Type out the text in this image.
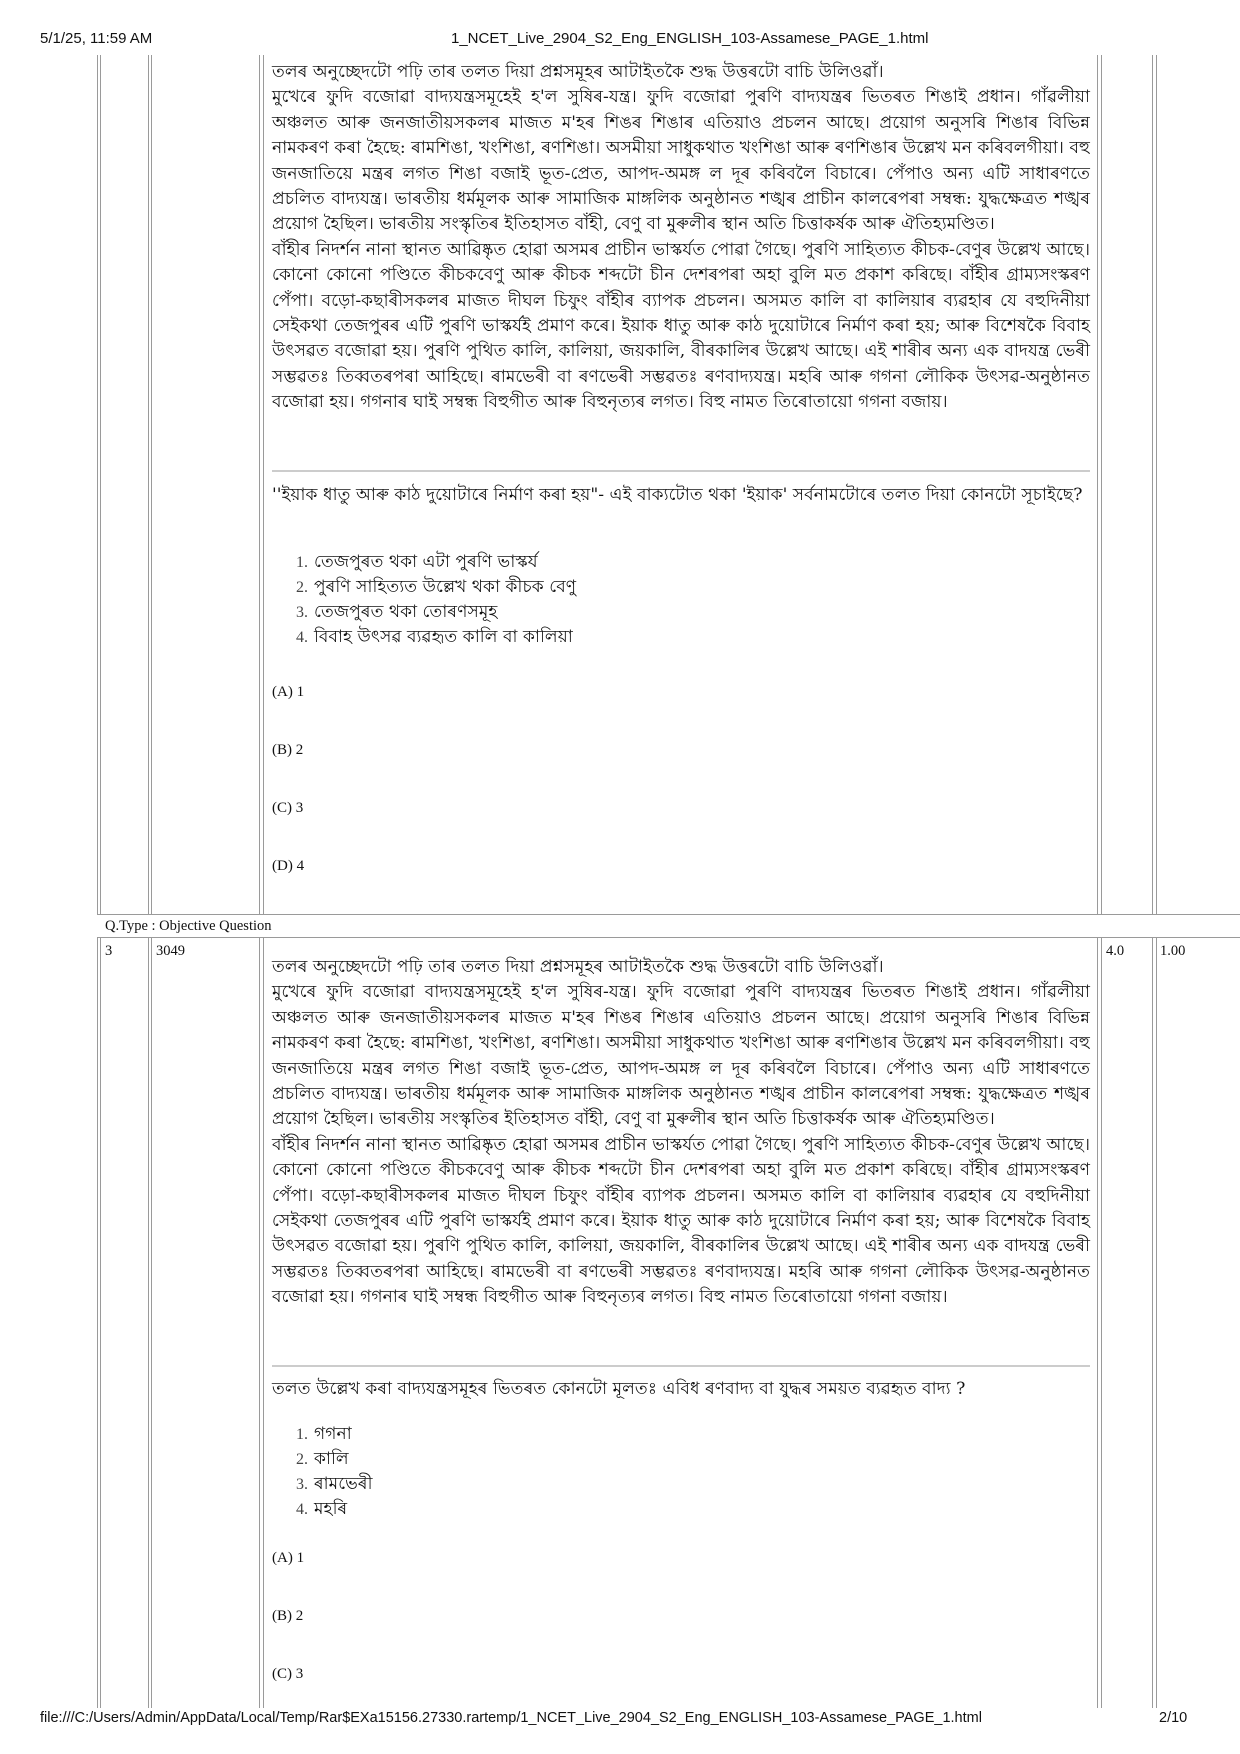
5/1/25, 11:59 AM	1_NCET_Live_2904_S2_Eng_ENGLISH_103-Assamese_PAGE_1.html
file:///C:/Users/Admin/AppData/Local/Temp/Rar$EXa15156.27330.rartemp/1_NCET_Live_2904_S2_Eng_ENGLISH_103-Assamese_PAGE_1.html	2/10
Q.Type : Objective Question

তলৰ অনুচ্ছেদটো পঢ়ি তাৰ তলত দিয়া প্ৰশ্নসমূহৰ আটাইতকৈ শুদ্ধ উত্তৰটো বাচি উলিওৱাঁ।

মুখেৰে ফুদি বজোৱা বাদ্যযন্ত্ৰসমূহেই হ'ল সুষিৰ-যন্ত্ৰ। ফুদি বজোৱা পুৰণি বাদ্যযন্ত্ৰৰ ভিতৰত শিঙাই প্ৰধান। গাঁৱলীয়া অঞ্চলত আৰু জনজাতীয়সকলৰ মাজত ম'হৰ শিঙৰ শিঙাৰ এতিয়াও প্ৰচলন আছে। প্ৰয়োগ অনুসৰি শিঙাৰ বিভিন্ন নামকৰণ কৰা হৈছে: ৰামশিঙা, খংশিঙা, ৰণশিঙা। অসমীয়া সাধুকথাত খংশিঙা আৰু ৰণশিঙাৰ উল্লেখ মন কৰিবলগীয়া। বহু জনজাতিয়ে মন্ত্ৰৰ লগত শিঙা বজাই ভূত-প্ৰেত, আপদ-অমঙ্গ ল দূৰ কৰিবলৈ বিচাৰে। পেঁপাও অন্য এটি সাধাৰণতে প্ৰচলিত বাদ্যযন্ত্ৰ। ভাৰতীয় ধৰ্মমূলক আৰু সামাজিক মাঙ্গলিক অনুষ্ঠানত শঙ্খৰ প্ৰাচীন কালৰেপৰা সম্বন্ধ: যুদ্ধক্ষেত্ৰত শঙ্খৰ প্ৰয়োগ হৈছিল। ভাৰতীয় সংস্কৃতিৰ ইতিহাসত বাঁহী, বেণু বা মুৰুলীৰ স্থান অতি চিত্তাকৰ্ষক আৰু ঐতিহ্যমণ্ডিত।

বাঁহীৰ নিদৰ্শন নানা স্থানত আৱিষ্কৃত হোৱা অসমৰ প্ৰাচীন ভাস্কৰ্যত পোৱা গৈছে। পুৰণি সাহিত্যত কীচক-বেণুৰ উল্লেখ আছে। কোনো কোনো পণ্ডিতে কীচকবেণু আৰু কীচক শব্দটো চীন দেশৰপৰা অহা বুলি মত প্ৰকাশ কৰিছে। বাঁহীৰ গ্ৰাম্যসংস্কৰণ পেঁপা। বড়ো-কছাৰীসকলৰ মাজত দীঘল চিফুং বাঁহীৰ ব্যাপক প্ৰচলন। অসমত কালি বা কালিয়াৰ ব্যৱহাৰ যে বহুদিনীয়া সেইকথা তেজপুৰৰ এটি পুৰণি ভাস্কৰ্যই প্ৰমাণ কৰে। ইয়াক ধাতু আৰু কাঠ দুয়োটাৰে নিৰ্মাণ কৰা হয়; আৰু বিশেষকৈ বিবাহ উৎসৱত বজোৱা হয়। পুৰণি পুথিত কালি, কালিয়া, জয়কালি, বীৰকালিৰ উল্লেখ আছে। এই শাৰীৰ অন্য এক বাদযন্ত্ৰ ভেৰী সম্ভৱতঃ তিব্বতৰপৰা আহিছে। ৰামভেৰী বা ৰণভেৰী সম্ভৱতঃ ৰণবাদ্যযন্ত্ৰ। মহৰি আৰু গগনা লৌকিক উৎসৱ-অনুষ্ঠানত বজোৱা হয়। গগনাৰ ঘাই সম্বন্ধ বিহুগীত আৰু বিহুনৃত্যৰ লগত। বিহু নামত তিৰোতায়ো গগনা বজায়।

''ইয়াক ধাতু আৰু কাঠ দুয়োটাৰে নিৰ্মাণ কৰা হয়"- এই বাক্যটোত থকা 'ইয়াক' সৰ্বনামটোৰে তলত দিয়া কোনটো সূচাইছে?
1. তেজপুৰত থকা এটা পুৰণি ভাস্কৰ্য
2. পুৰণি সাহিত্যত উল্লেখ থকা কীচক বেণু
3. তেজপুৰত থকা তোৰণসমূহ
4. বিবাহ উৎসৱ ব্যৱহৃত কালি বা কালিয়া
(A) 1
(B) 2
(C) 3
(D) 4
3	3049	4.0 1.00

তলৰ অনুচ্ছেদটো পঢ়ি তাৰ তলত দিয়া প্ৰশ্নসমূহৰ আটাইতকৈ শুদ্ধ উত্তৰটো বাচি উলিওৱাঁ।

মুখেৰে ফুদি বজোৱা বাদ্যযন্ত্ৰসমূহেই হ'ল সুষিৰ-যন্ত্ৰ। ফুদি বজোৱা পুৰণি বাদ্যযন্ত্ৰৰ ভিতৰত শিঙাই প্ৰধান। গাঁৱলীয়া অঞ্চলত আৰু জনজাতীয়সকলৰ মাজত ম'হৰ শিঙৰ শিঙাৰ এতিয়াও প্ৰচলন আছে। প্ৰয়োগ অনুসৰি শিঙাৰ বিভিন্ন নামকৰণ কৰা হৈছে: ৰামশিঙা, খংশিঙা, ৰণশিঙা। অসমীয়া সাধুকথাত খংশিঙা আৰু ৰণশিঙাৰ উল্লেখ মন কৰিবলগীয়া। বহু জনজাতিয়ে মন্ত্ৰৰ লগত শিঙা বজাই ভূত-প্ৰেত, আপদ-অমঙ্গ ল দূৰ কৰিবলৈ বিচাৰে। পেঁপাও অন্য এটি সাধাৰণতে প্ৰচলিত বাদ্যযন্ত্ৰ। ভাৰতীয় ধৰ্মমূলক আৰু সামাজিক মাঙ্গলিক অনুষ্ঠানত শঙ্খৰ প্ৰাচীন কালৰেপৰা সম্বন্ধ: যুদ্ধক্ষেত্ৰত শঙ্খৰ প্ৰয়োগ হৈছিল। ভাৰতীয় সংস্কৃতিৰ ইতিহাসত বাঁহী, বেণু বা মুৰুলীৰ স্থান অতি চিত্তাকৰ্ষক আৰু ঐতিহ্যমণ্ডিত।

বাঁহীৰ নিদৰ্শন নানা স্থানত আৱিষ্কৃত হোৱা অসমৰ প্ৰাচীন ভাস্কৰ্যত পোৱা গৈছে। পুৰণি সাহিত্যত কীচক-বেণুৰ উল্লেখ আছে। কোনো কোনো পণ্ডিতে কীচকবেণু আৰু কীচক শব্দটো চীন দেশৰপৰা অহা বুলি মত প্ৰকাশ কৰিছে। বাঁহীৰ গ্ৰাম্যসংস্কৰণ পেঁপা। বড়ো-কছাৰীসকলৰ মাজত দীঘল চিফুং বাঁহীৰ ব্যাপক প্ৰচলন। অসমত কালি বা কালিয়াৰ ব্যৱহাৰ যে বহুদিনীয়া সেইকথা তেজপুৰৰ এটি পুৰণি ভাস্কৰ্যই প্ৰমাণ কৰে। ইয়াক ধাতু আৰু কাঠ দুয়োটাৰে নিৰ্মাণ কৰা হয়; আৰু বিশেষকৈ বিবাহ উৎসৱত বজোৱা হয়। পুৰণি পুথিত কালি, কালিয়া, জয়কালি, বীৰকালিৰ উল্লেখ আছে। এই শাৰীৰ অন্য এক বাদযন্ত্ৰ ভেৰী সম্ভৱতঃ তিব্বতৰপৰা আহিছে। ৰামভেৰী বা ৰণভেৰী সম্ভৱতঃ ৰণবাদ্যযন্ত্ৰ। মহৰি আৰু গগনা লৌকিক উৎসৱ-অনুষ্ঠানত বজোৱা হয়। গগনাৰ ঘাই সম্বন্ধ বিহুগীত আৰু বিহুনৃত্যৰ লগত। বিহু নামত তিৰোতায়ো গগনা বজায়।

তলত উল্লেখ কৰা বাদ্যযন্ত্ৰসমূহৰ ভিতৰত কোনটো মূলতঃ এবিধ ৰণবাদ্য বা যুদ্ধৰ সময়ত ব্যৱহৃত বাদ্য ?
1. গগনা
2. কালি
3. ৰামভেৰী
4. মহৰি
(A) 1
(B) 2
(C) 3
